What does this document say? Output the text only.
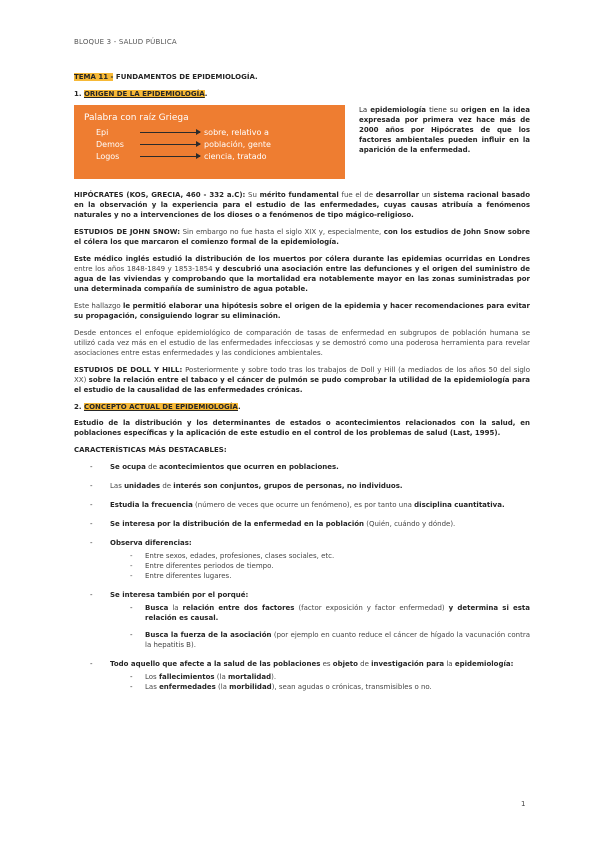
BLOQUE 3 - SALUD PÚBLICA
TEMA 11 - FUNDAMENTOS DE EPIDEMIOLOGÍA.
1. ORIGEN DE LA EPIDEMIOLOGÍA.
Palabra con raíz Griega
Epi	sobre, relativo a
Demos	población, gente
Logos	ciencia, tratado
La epidemiología tiene su origen en la idea expresada por primera vez hace más de 2000 años por Hipócrates de que los factores ambientales pueden influir en la aparición de la enfermedad.

HIPÓCRATES (KOS, GRECIA, 460 - 332 a.C): Su mérito fundamental fue el de desarrollar un sistema racional basado en la observación y la experiencia para el estudio de las enfermedades, cuyas causas atribuía a fenómenos naturales y no a intervenciones de los dioses o a fenómenos de tipo mágico-religioso.

ESTUDIOS DE JOHN SNOW: Sin embargo no fue hasta el siglo XIX y, especialmente, con los estudios de John Snow sobre el cólera los que marcaron el comienzo formal de la epidemiología.

Este médico inglés estudió la distribución de los muertos por cólera durante las epidemias ocurridas en Londres entre los años 1848-1849 y 1853-1854 y descubrió una asociación entre las defunciones y el origen del suministro de agua de las viviendas y comprobando que la mortalidad era notablemente mayor en las zonas suministradas por una determinada compañía de suministro de agua potable.

Este hallazgo le permitió elaborar una hipótesis sobre el origen de la epidemia y hacer recomendaciones para evitar su propagación, consiguiendo lograr su eliminación.

Desde entonces el enfoque epidemiológico de comparación de tasas de enfermedad en subgrupos de población humana se utilizó cada vez más en el estudio de las enfermedades infecciosas y se demostró como una poderosa herramienta para revelar asociaciones entre estas enfermedades y las condiciones ambientales.

ESTUDIOS DE DOLL Y HILL: Posteriormente y sobre todo tras los trabajos de Doll y Hill (a mediados de los años 50 del siglo XX) sobre la relación entre el tabaco y el cáncer de pulmón se pudo comprobar la utilidad de la epidemiología para el estudio de la causalidad de las enfermedades crónicas.

2. CONCEPTO ACTUAL DE EPIDEMIOLOGÍA.

Estudio de la distribución y los determinantes de estados o acontecimientos relacionados con la salud, en poblaciones específicas y la aplicación de este estudio en el control de los problemas de salud (Last, 1995).

CARACTERÍSTICAS MÁS DESTACABLES:

- Se ocupa de acontecimientos que ocurren en poblaciones.
- Las unidades de interés son conjuntos, grupos de personas, no individuos.
- Estudia la frecuencia (número de veces que ocurre un fenómeno), es por tanto una disciplina cuantitativa.
- Se interesa por la distribución de la enfermedad en la población (Quién, cuándo y dónde).
- Observa diferencias:
- Entre sexos, edades, profesiones, clases sociales, etc.
- Entre diferentes periodos de tiempo.
- Entre diferentes lugares.
- Se interesa también por el porqué:
- Busca la relación entre dos factores (factor exposición y factor enfermedad) y determina si esta relación es causal.
- Busca la fuerza de la asociación (por ejemplo en cuanto reduce el cáncer de hígado la vacunación contra la hepatitis B).
- Todo aquello que afecte a la salud de las poblaciones es objeto de investigación para la epidemiología:
- Los fallecimientos (la mortalidad).
- Las enfermedades (la morbilidad), sean agudas o crónicas, transmisibles o no.
1
